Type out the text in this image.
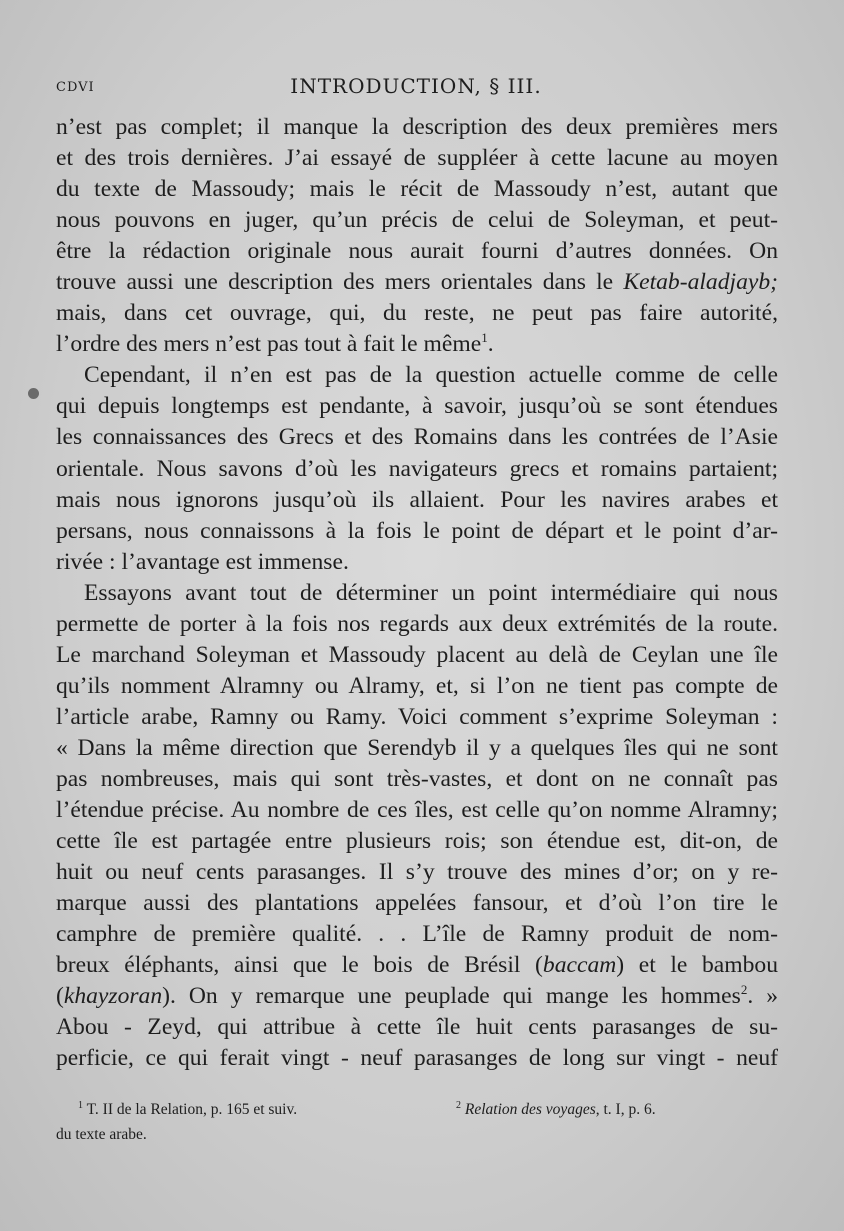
CDVI	INTRODUCTION, § III.
n’est pas complet; il manque la description des deux premières mers
et des trois dernières. J’ai essayé de suppléer à cette lacune au moyen
du texte de Massoudy; mais le récit de Massoudy n’est, autant que
nous pouvons en juger, qu’un précis de celui de Soleyman, et peut-
être la rédaction originale nous aurait fourni d’autres données. On
trouve aussi une description des mers orientales dans le Ketab-aladjayb;
mais, dans cet ouvrage, qui, du reste, ne peut pas faire autorité,
l’ordre des mers n’est pas tout à fait le même$^1$.
Cependant, il n’en est pas de la question actuelle comme de celle
qui depuis longtemps est pendante, à savoir, jusqu’où se sont étendues
les connaissances des Grecs et des Romains dans les contrées de l’Asie
orientale. Nous savons d’où les navigateurs grecs et romains partaient;
mais nous ignorons jusqu’où ils allaient. Pour les navires arabes et
persans, nous connaissons à la fois le point de départ et le point d’ar-
rivée : l’avantage est immense.
Essayons avant tout de déterminer un point intermédiaire qui nous
permette de porter à la fois nos regards aux deux extrémités de la route.
Le marchand Soleyman et Massoudy placent au delà de Ceylan une île
qu’ils nomment Alramny ou Alramy, et, si l’on ne tient pas compte de
l’article arabe, Ramny ou Ramy. Voici comment s’exprime Soleyman :
« Dans la même direction que Serendyb il y a quelques îles qui ne sont
pas nombreuses, mais qui sont très-vastes, et dont on ne connaît pas
l’étendue précise. Au nombre de ces îles, est celle qu’on nomme Alramny;
cette île est partagée entre plusieurs rois; son étendue est, dit-on, de
huit ou neuf cents parasanges. Il s’y trouve des mines d’or; on y re-
marque aussi des plantations appelées fansour, et d’où l’on tire le
camphre de première qualité. . . L’île de Ramny produit de nom-
breux éléphants, ainsi que le bois de Brésil (baccam) et le bambou
(khayzoran). On y remarque une peuplade qui mange les hommes$^2$. »
Abou - Zeyd, qui attribue à cette île huit cents parasanges de su-
perficie, ce qui ferait vingt - neuf parasanges de long sur vingt - neuf
$^1$ T. II de la Relation, p. 165 et suiv.	$^2$ Relation des voyages, t. I, p. 6.
du texte arabe.
